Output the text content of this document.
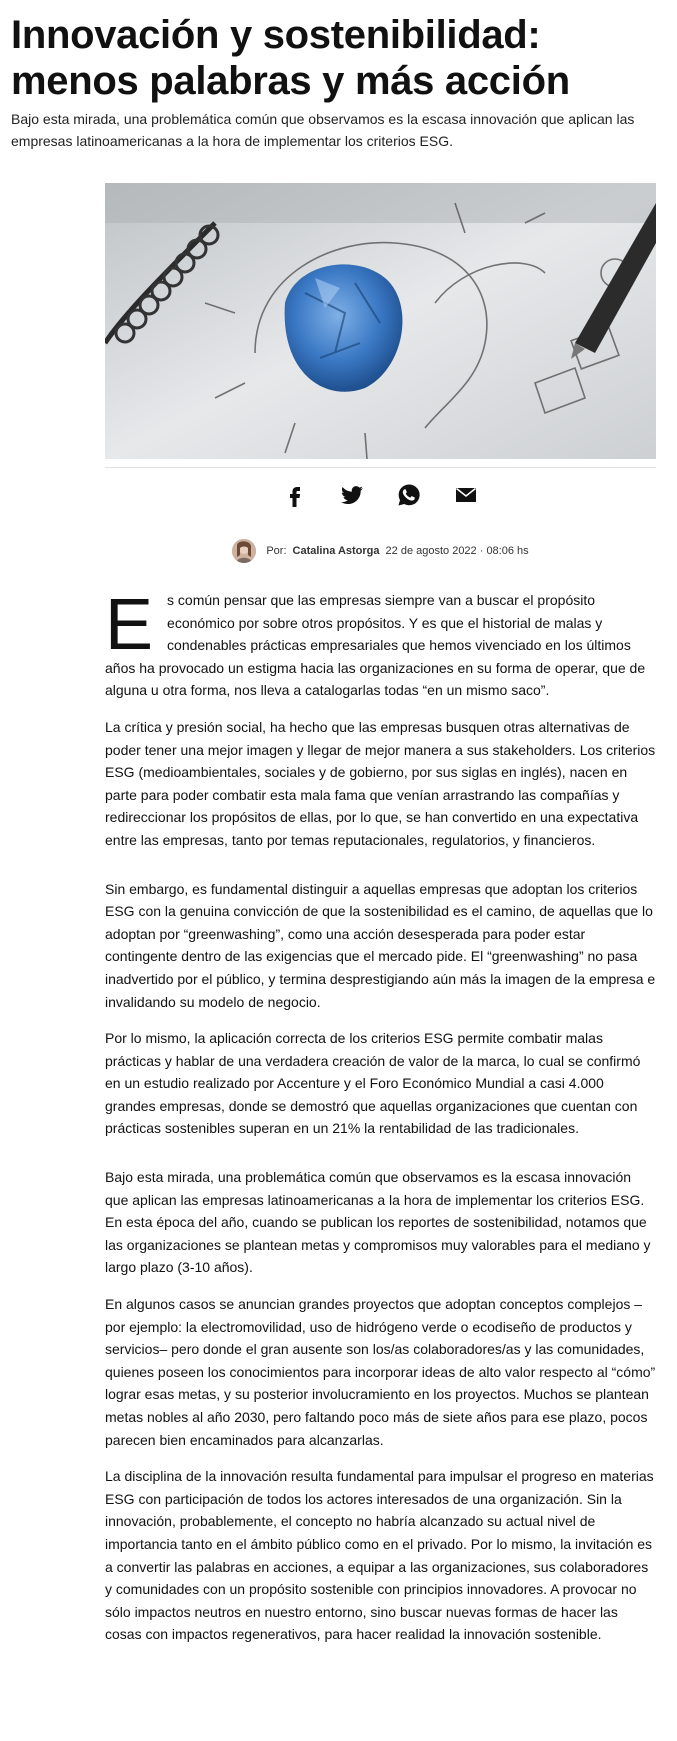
Innovación y sostenibilidad: menos palabras y más acción

Bajo esta mirada, una problemática común que observamos es la escasa innovación que aplican las empresas latinoamericanas a la hora de implementar los criterios ESG.

Por: Catalina Astorga 22 de agosto 2022 · 08:06 hs

E s común pensar que las empresas siempre van a buscar el propósito económico por sobre otros propósitos. Y es que el historial de malas y condenables prácticas empresariales que hemos vivenciado en los últimos años ha provocado un estigma hacia las organizaciones en su forma de operar, que de alguna u otra forma, nos lleva a catalogarlas todas “en un mismo saco”.

La crítica y presión social, ha hecho que las empresas busquen otras alternativas de poder tener una mejor imagen y llegar de mejor manera a sus stakeholders. Los criterios ESG (medioambientales, sociales y de gobierno, por sus siglas en inglés), nacen en parte para poder combatir esta mala fama que venían arrastrando las compañías y redireccionar los propósitos de ellas, por lo que, se han convertido en una expectativa entre las empresas, tanto por temas reputacionales, regulatorios, y financieros.

Sin embargo, es fundamental distinguir a aquellas empresas que adoptan los criterios ESG con la genuina convicción de que la sostenibilidad es el camino, de aquellas que lo adoptan por “greenwashing”, como una acción desesperada para poder estar contingente dentro de las exigencias que el mercado pide. El “greenwashing” no pasa inadvertido por el público, y termina desprestigiando aún más la imagen de la empresa e invalidando su modelo de negocio.

Por lo mismo, la aplicación correcta de los criterios ESG permite combatir malas prácticas y hablar de una verdadera creación de valor de la marca, lo cual se confirmó en un estudio realizado por Accenture y el Foro Económico Mundial a casi 4.000 grandes empresas, donde se demostró que aquellas organizaciones que cuentan con prácticas sostenibles superan en un 21% la rentabilidad de las tradicionales.

Bajo esta mirada, una problemática común que observamos es la escasa innovación que aplican las empresas latinoamericanas a la hora de implementar los criterios ESG. En esta época del año, cuando se publican los reportes de sostenibilidad, notamos que las organizaciones se plantean metas y compromisos muy valorables para el mediano y largo plazo (3-10 años).

En algunos casos se anuncian grandes proyectos que adoptan conceptos complejos – por ejemplo: la electromovilidad, uso de hidrógeno verde o ecodiseño de productos y servicios– pero donde el gran ausente son los/as colaboradores/as y las comunidades, quienes poseen los conocimientos para incorporar ideas de alto valor respecto al “cómo” lograr esas metas, y su posterior involucramiento en los proyectos. Muchos se plantean metas nobles al año 2030, pero faltando poco más de siete años para ese plazo, pocos parecen bien encaminados para alcanzarlas.

La disciplina de la innovación resulta fundamental para impulsar el progreso en materias ESG con participación de todos los actores interesados de una organización. Sin la innovación, probablemente, el concepto no habría alcanzado su actual nivel de importancia tanto en el ámbito público como en el privado. Por lo mismo, la invitación es a convertir las palabras en acciones, a equipar a las organizaciones, sus colaboradores y comunidades con un propósito sostenible con principios innovadores. A provocar no sólo impactos neutros en nuestro entorno, sino buscar nuevas formas de hacer las cosas con impactos regenerativos, para hacer realidad la innovación sostenible.
